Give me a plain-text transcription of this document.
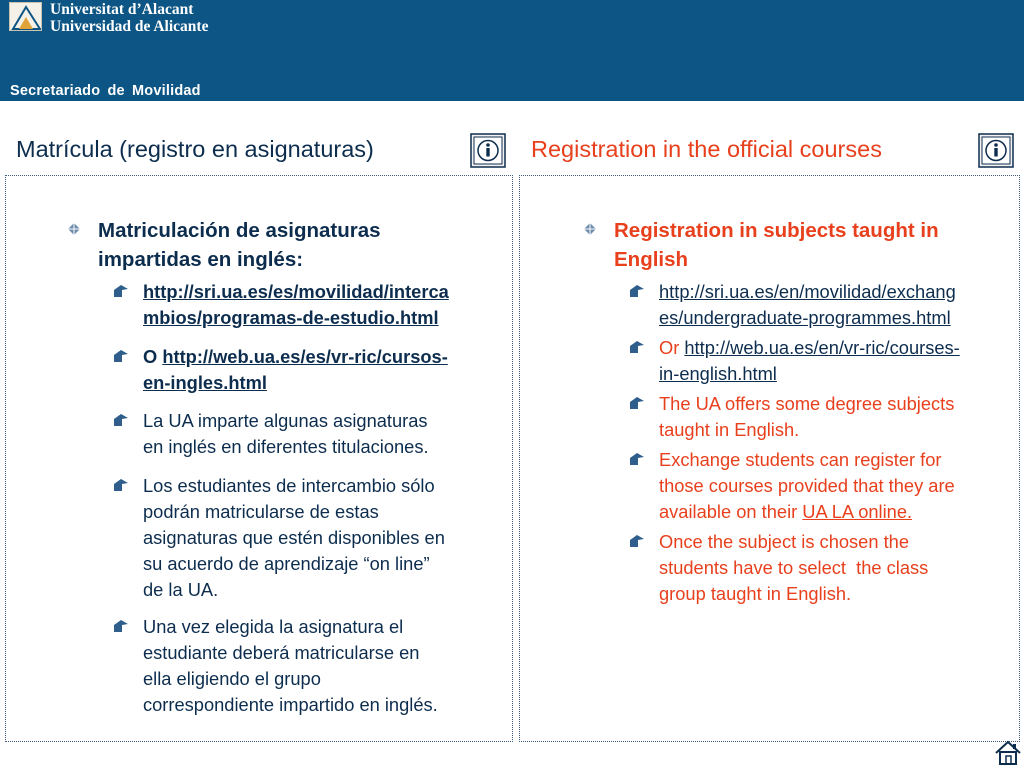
Universitat d’Alacant
Universidad de Alicante
Secretariado de Movilidad
Matrícula (registro en asignaturas)	Registration in the official courses
Matriculación de asignaturas
impartidas en inglés:
http://sri.ua.es/es/movilidad/interca
mbios/programas-de-estudio.html
O http://web.ua.es/es/vr-ric/cursos-
en-ingles.html
La UA imparte algunas asignaturas
en inglés en diferentes titulaciones.
Los estudiantes de intercambio sólo
podrán matricularse de estas
asignaturas que estén disponibles en
su acuerdo de aprendizaje “on line”
de la UA.
Una vez elegida la asignatura el
estudiante deberá matricularse en
ella eligiendo el grupo
correspondiente impartido en inglés.
Registration in subjects taught in
English
http://sri.ua.es/en/movilidad/exchang
es/undergraduate-programmes.html
Or http://web.ua.es/en/vr-ric/courses-
in-english.html
The UA offers some degree subjects
taught in English.
Exchange students can register for
those courses provided that they are
available on their UA LA online.
Once the subject is chosen the
students have to select  the class
group taught in English.
